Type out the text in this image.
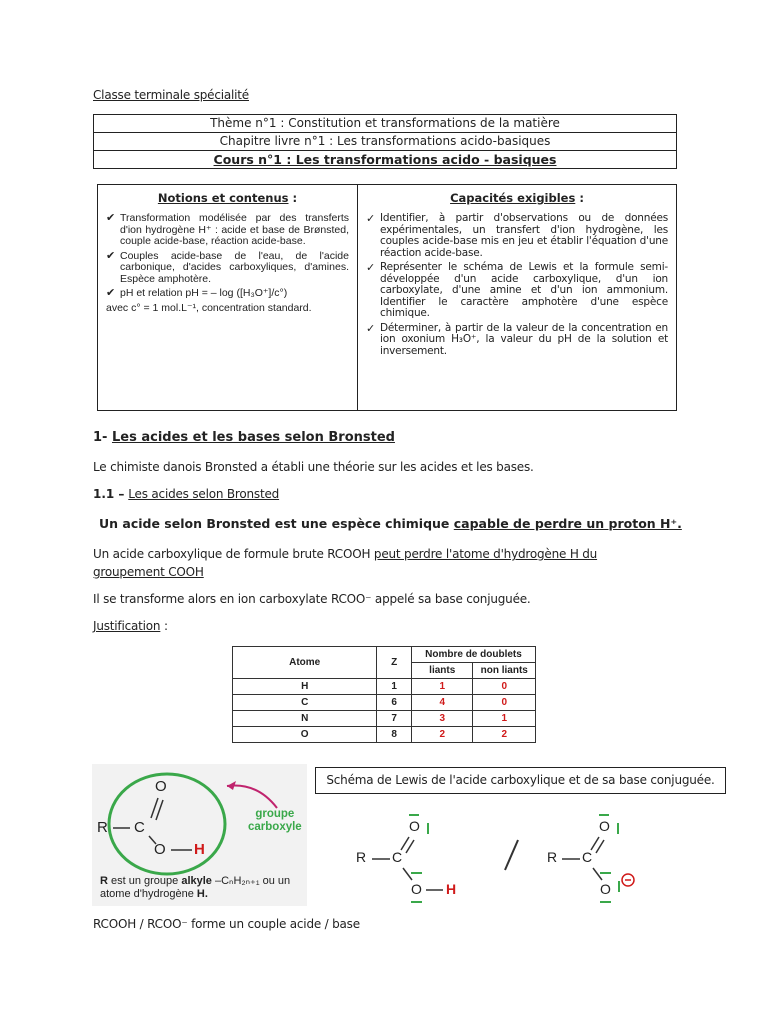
Classe terminale spécialité
Thème n°1 : Constitution et transformations de la matière
Chapitre livre n°1 : Les transformations acido-basiques
Cours n°1 : Les transformations acido - basiques
Notions et contenus :
✔ Transformation modélisée par des transferts d'ion hydrogène H⁺ : acide et base de Brønsted, couple acide-base, réaction acide-base.
✔ Couples acide-base de l'eau, de l'acide carbonique, d'acides carboxyliques, d'amines. Espèce amphotère.
✔ pH et relation pH = – log ([H₃O⁺]/c°)
avec c° = 1 mol.L⁻¹, concentration standard.
Capacités exigibles :
✓ Identifier, à partir d'observations ou de données expérimentales, un transfert d'ion hydrogène, les couples acide-base mis en jeu et établir l'équation d'une réaction acide-base.
✓ Représenter le schéma de Lewis et la formule semi-développée d'un acide carboxylique, d'un ion carboxylate, d'une amine et d'un ion ammonium. Identifier le caractère amphotère d'une espèce chimique.
✓ Déterminer, à partir de la valeur de la concentration en ion oxonium H₃O⁺, la valeur du pH de la solution et inversement.
1- Les acides et les bases selon Bronsted
Le chimiste danois Bronsted a établi une théorie sur les acides et les bases.
1.1 – Les acides selon Bronsted
Un acide selon Bronsted est une espèce chimique capable de perdre un proton H⁺.
Un acide carboxylique de formule brute RCOOH peut perdre l'atome d'hydrogène H du
groupement COOH
Il se transforme alors en ion carboxylate RCOO⁻ appelé sa base conjuguée.
Justification :
Atome	Z	Nombre de doublets	
		liants	non liants
H	1	1	0
C	6	4	0
N	7	3	1
O	8	2	2
R C
O
O H
groupe
carboxyle
R est un groupe alkyle –CₙH₂ₙ₊₁ ou un
atome d'hydrogène H.
Schéma de Lewis de l'acide carboxylique et de sa base conjuguée.
R C
O
O H
R C
O
O
RCOOH / RCOO⁻ forme un couple acide / base
